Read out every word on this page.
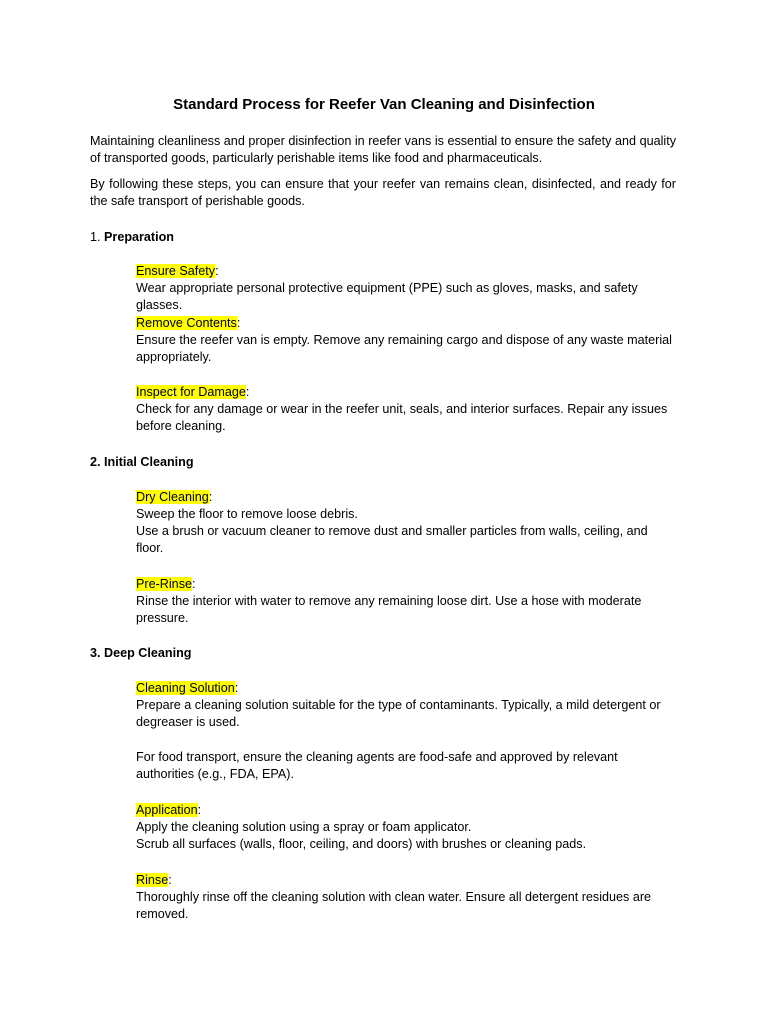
Standard Process for Reefer Van Cleaning and Disinfection

Maintaining cleanliness and proper disinfection in reefer vans is essential to ensure the safety and quality of transported goods, particularly perishable items like food and pharmaceuticals.

By following these steps, you can ensure that your reefer van remains clean, disinfected, and ready for the safe transport of perishable goods.

1. Preparation

Ensure Safety:

Wear appropriate personal protective equipment (PPE) such as gloves, masks, and safety glasses.

Remove Contents:

Ensure the reefer van is empty. Remove any remaining cargo and dispose of any waste material appropriately.

Inspect for Damage:

Check for any damage or wear in the reefer unit, seals, and interior surfaces. Repair any issues before cleaning.

2. Initial Cleaning

Dry Cleaning:

Sweep the floor to remove loose debris.

Use a brush or vacuum cleaner to remove dust and smaller particles from walls, ceiling, and floor.

Pre-Rinse:

Rinse the interior with water to remove any remaining loose dirt. Use a hose with moderate pressure.

3. Deep Cleaning

Cleaning Solution:

Prepare a cleaning solution suitable for the type of contaminants. Typically, a mild detergent or degreaser is used.

For food transport, ensure the cleaning agents are food-safe and approved by relevant authorities (e.g., FDA, EPA).

Application:

Apply the cleaning solution using a spray or foam applicator.

Scrub all surfaces (walls, floor, ceiling, and doors) with brushes or cleaning pads.

Rinse:

Thoroughly rinse off the cleaning solution with clean water. Ensure all detergent residues are removed.
